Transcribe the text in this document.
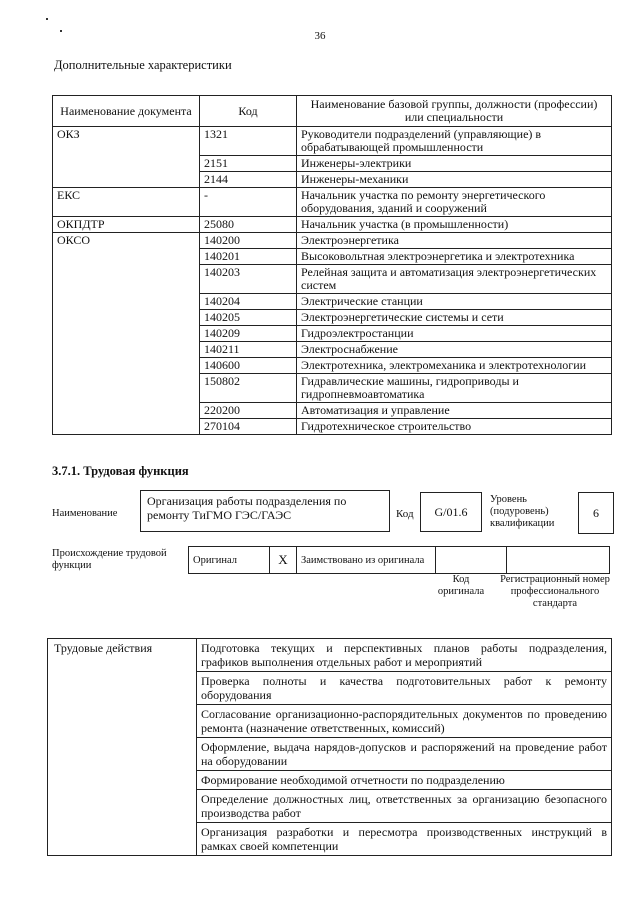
36
Дополнительные характеристики
Наименование документа	Код	Наименование базовой группы, должности (профессии) или специальности
ОКЗ	1321	Руководители подразделений (управляющие) в обрабатывающей промышленности
	2151	Инженеры-электрики
	2144	Инженеры-механики
ЕКС	-	Начальник участка по ремонту энергетического оборудования, зданий и сооружений
ОКПДТР	25080	Начальник участка (в промышленности)
ОКСО	140200	Электроэнергетика
	140201	Высоковольтная электроэнергетика и электротехника
	140203	Релейная защита и автоматизация электроэнергетических систем
	140204	Электрические станции
	140205	Электроэнергетические системы и сети
	140209	Гидроэлектростанции
	140211	Электроснабжение
	140600	Электротехника, электромеханика и электротехнологии
	150802	Гидравлические машины, гидроприводы и гидропневмоавтоматика
	220200	Автоматизация и управление
	270104	Гидротехническое строительство
3.7.1. Трудовая функция
Наименование
Организация работы подразделения по ремонту ТиГМО ГЭС/ГАЭС	Код	G/01.6
Уровень (подуровень) квалификации
6
Происхождение трудовой функции	Оригинал	X	Заимствовано из оригинала		
Код оригинала
Регистрационный номер профессионального стандарта
Трудовые действия	Подготовка текущих и перспективных планов работы подразделения, графиков выполнения отдельных работ и мероприятий
Проверка полноты и качества подготовительных работ к ремонту оборудования
Согласование организационно-распорядительных документов по проведению ремонта (назначение ответственных, комиссий)
Оформление, выдача нарядов-допусков и распоряжений на проведение работ на оборудовании
Формирование необходимой отчетности по подразделению
Определение должностных лиц, ответственных за организацию безопасного производства работ
Организация разработки и пересмотра производственных инструкций в рамках своей компетенции
